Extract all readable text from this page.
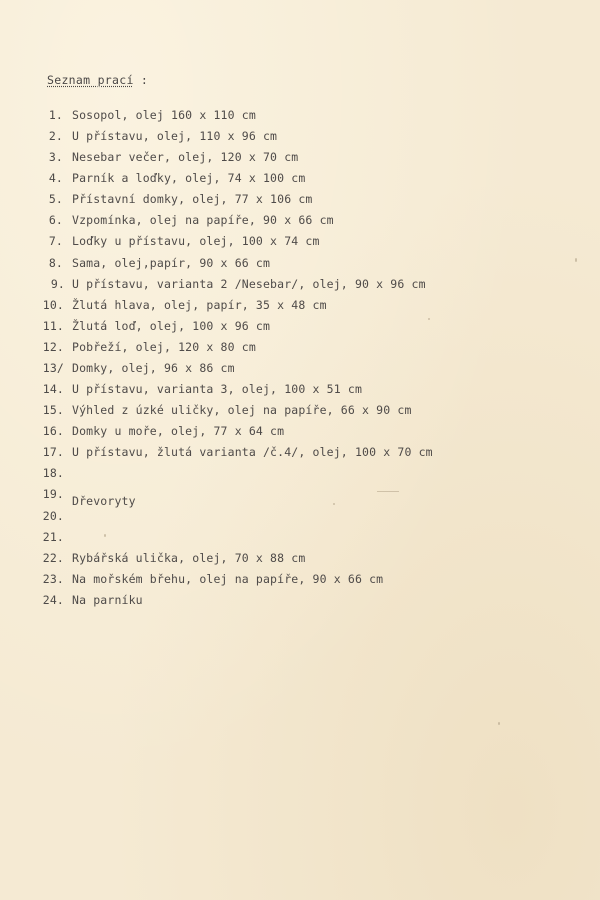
Seznam prací :
1. Sosopol, olej 160 x 110 cm
2. U přístavu, olej, 110 x 96 cm
3. Nesebar večer, olej, 120 x 70 cm
4. Parník a loďky, olej, 74 x 100 cm
5. Přístavní domky, olej, 77 x 106 cm
6. Vzpomínka, olej na papíře, 90 x 66 cm
7. Loďky u přístavu, olej, 100 x 74 cm
8. Sama, olej,papír, 90 x 66 cm
9. U přístavu, varianta 2 /Nesebar/, olej, 90 x 96 cm
10. Žlutá hlava, olej, papír, 35 x 48 cm
11. Žlutá loď, olej, 100 x 96 cm
12. Pobřeží, olej, 120 x 80 cm
13/ Domky, olej, 96 x 86 cm
14. U přístavu, varianta 3, olej, 100 x 51 cm
15. Výhled z úzké uličky, olej na papíře, 66 x 90 cm
16. Domky u moře, olej, 77 x 64 cm
17. U přístavu, žlutá varianta /č.4/, olej, 100 x 70 cm
18.
19. Dřevoryty
20.
21.
22. Rybářská ulička, olej, 70 x 88 cm
23. Na mořském břehu, olej na papíře, 90 x 66 cm
24. Na parníku
